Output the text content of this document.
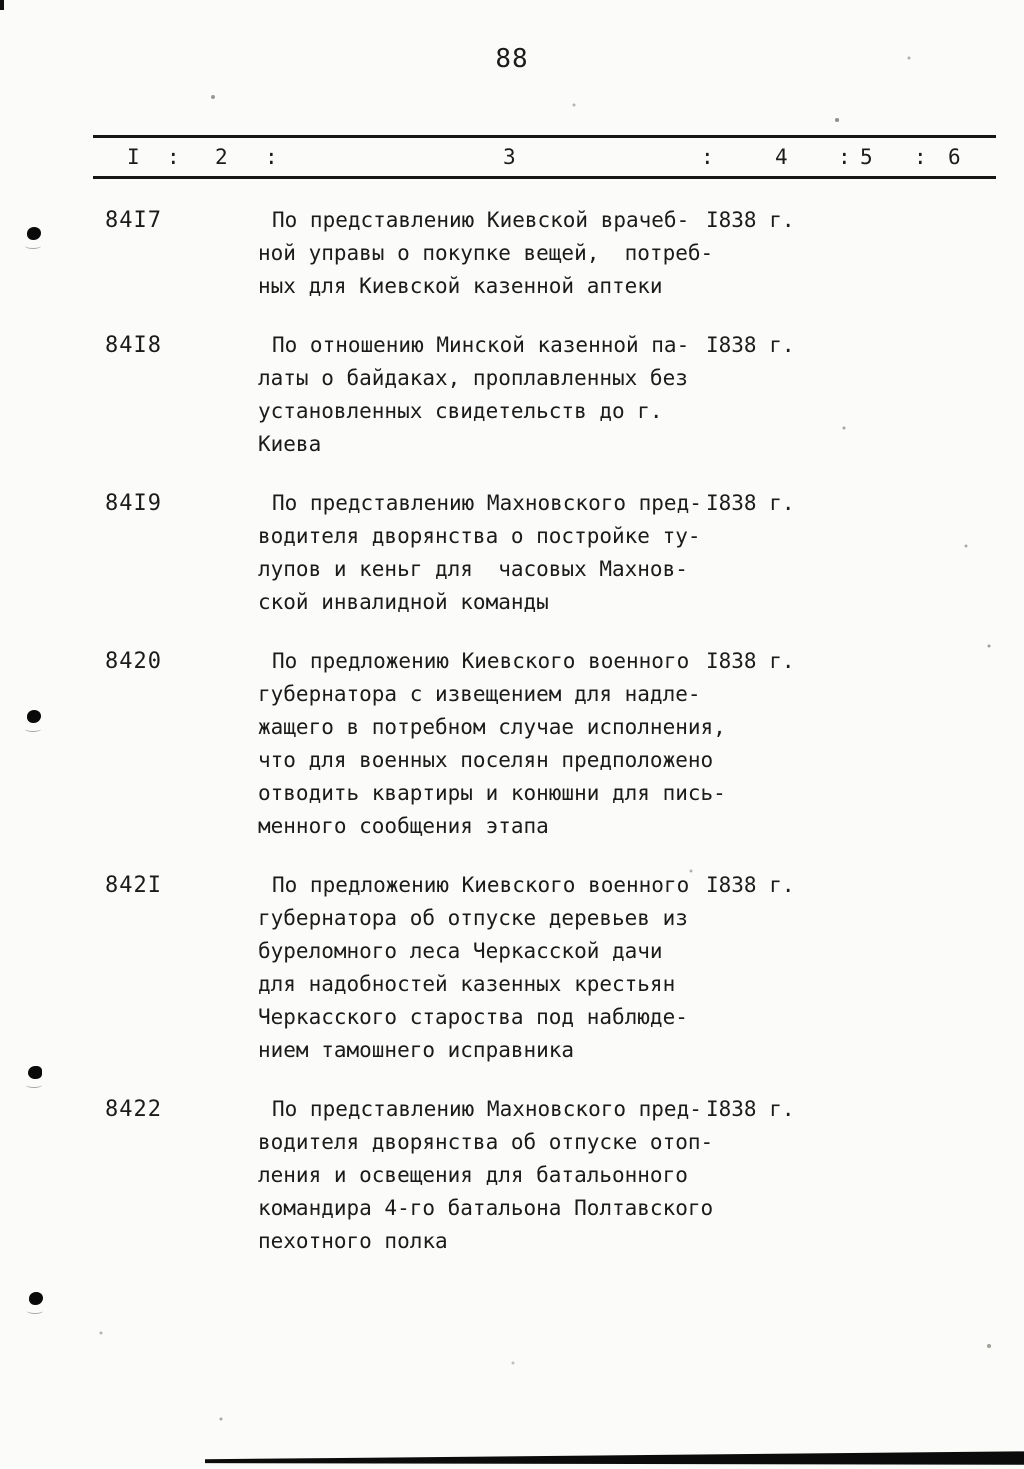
88
I : 2 :	3	:	4 : 5 : 6
84I7	По представлению Киевской врачеб-
ной управы о покупке вещей,  потреб-
ных для Киевской казенной аптеки
I838 г.
84I8	По отношению Минской казенной па-
латы о байдаках, проплавленных без
установленных свидетельств до г.
Киева
I838 г.
84I9	По представлению Махновского пред-
водителя дворянства о постройке ту-
лупов и кеньг для  часовых Махнов-
ской инвалидной команды
I838 г.
8420	По предложению Киевского военного
губернатора с извещением для надле-
жащего в потребном случае исполнения,
что для военных поселян предположено
отводить квартиры и конюшни для пись-
менного сообщения этапа
I838 г.
842I	По предложению Киевского военного
губернатора об отпуске деревьев из
буреломного леса Черкасской дачи
для надобностей казенных крестьян
Черкасского староства под наблюде-
нием тамошнего исправника
I838 г.
8422	По представлению Махновского пред-
водителя дворянства об отпуске отоп-
ления и освещения для батальонного
командира 4-го батальона Полтавского
пехотного полка
I838 г.
